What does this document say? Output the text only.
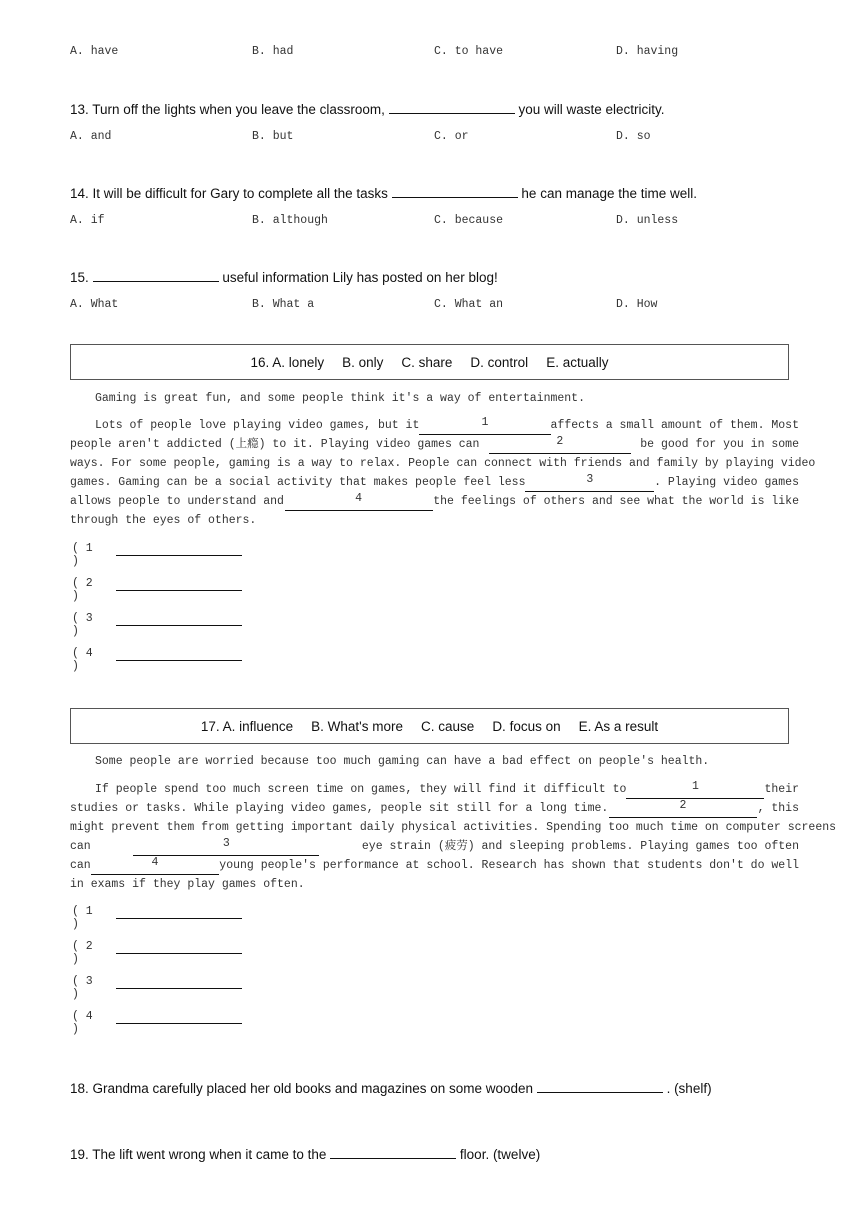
A. have	B. had	C. to have	D. having
13. Turn off the lights when you leave the classroom,	you will waste electricity.
A. and	B. but	C. or	D. so
14. It will be difficult for Gary to complete all the tasks	he can manage the time well.
A. if	B. although	C. because	D. unless
15.	useful information Lily has posted on her blog!
A. What	B. What a	C. What an	D. How
16. A. lonely B. only C. share D. control E. actually
Gaming is great fun, and some people think it's a way of entertainment.
Lots of people love playing video games, but it	1	affects a small amount of them. Most
people aren't addicted (上瘾) to it. Playing video games can	2	be good for you in some
ways. For some people, gaming is a way to relax. People can connect with friends and family by playing video
games. Gaming can be a social activity that makes people feel less	3	. Playing video games
allows people to understand and	4	the feelings of others and see what the world is like
through the eyes of others.
( 1 )
( 2 )
( 3 )
( 4 )
17. A. influence B. What's more C. cause D. focus on E. As a result
Some people are worried because too much gaming can have a bad effect on people's health.
If people spend too much screen time on games, they will find it difficult to	1	their
studies or tasks. While playing video games, people sit still for a long time.	2	, this
might prevent them from getting important daily physical activities. Spending too much time on computer screens
can	3	eye strain (疲劳) and sleeping problems. Playing games too often
can	4	young people's performance at school. Research has shown that students don't do well
in exams if they play games often.
( 1 )
( 2 )
( 3 )
( 4 )
18. Grandma carefully placed her old books and magazines on some wooden	. (shelf)
19. The lift went wrong when it came to the	floor. (twelve)
